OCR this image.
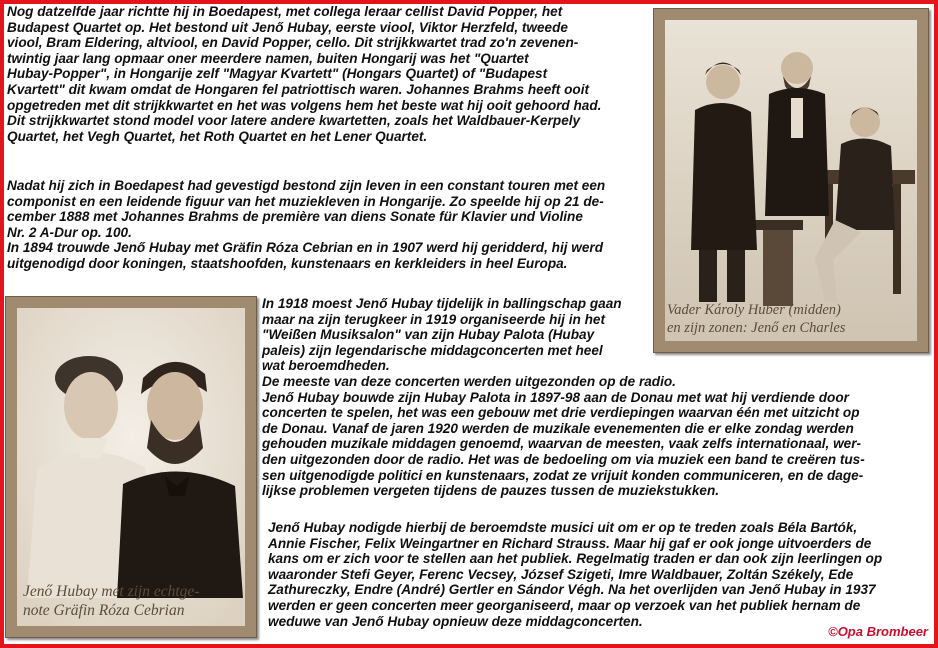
Nog datzelfde jaar richtte hij in Boedapest, met collega leraar cellist David Popper, het
Budapest Quartet op. Het bestond uit Jenő Hubay, eerste viool, Viktor Herzfeld, tweede
viool, Bram Eldering, altviool, en David Popper, cello. Dit strijkkwartet trad zo'n zevenen-
twintig jaar lang opmaar oner meerdere namen, buiten Hongarij was het "Quartet
Hubay-Popper", in Hongarije zelf "Magyar Kvartett" (Hongars Quartet) of "Budapest
Kvartett" dit kwam omdat de Hongaren fel patriottisch waren. Johannes Brahms heeft ooit
opgetreden met dit strijkkwartet en het was volgens hem het beste wat hij ooit gehoord had.
Dit strijkkwartet stond model voor latere andere kwartetten, zoals het Waldbauer-Kerpely
Quartet, het Vegh Quartet, het Roth Quartet en het Lener Quartet.

Nadat hij zich in Boedapest had gevestigd bestond zijn leven in een constant touren met een
componist en een leidende figuur van het muziekleven in Hongarije. Zo speelde hij op 21 de-
cember 1888 met Johannes Brahms de première van diens Sonate für Klavier und Violine
Nr. 2 A-Dur op. 100.
In 1894 trouwde Jenő Hubay met Gräfin Róza Cebrian en in 1907 werd hij geridderd, hij werd
uitgenodigd door koningen, staatshoofden, kunstenaars en kerkleiders in heel Europa.

In 1918 moest Jenő Hubay tijdelijk in ballingschap gaan
maar na zijn terugkeer in 1919 organiseerde hij in het
"Weißen Musiksalon" van zijn Hubay Palota (Hubay
paleis) zijn legendarische middagconcerten met heel
wat beroemdheden.

De meeste van deze concerten werden uitgezonden op de radio.
Jenő Hubay bouwde zijn Hubay Palota in 1897-98 aan de Donau met wat hij verdiende door
concerten te spelen, het was een gebouw met drie verdiepingen waarvan één met uitzicht op
de Donau. Vanaf de jaren 1920 werden de muzikale evenementen die er elke zondag werden
gehouden muzikale middagen genoemd, waarvan de meesten, vaak zelfs internationaal, wer-
den uitgezonden door de radio. Het was de bedoeling om via muziek een band te creëren tus-
sen uitgenodigde politici en kunstenaars, zodat ze vrijuit konden communiceren, en de dage-
lijkse problemen vergeten tijdens de pauzes tussen de muziekstukken.

Jenő Hubay nodigde hierbij de beroemdste musici uit om er op te treden zoals Béla Bartók,
Annie Fischer, Felix Weingartner en Richard Strauss. Maar hij gaf er ook jonge uitvoerders de
kans om er zich voor te stellen aan het publiek. Regelmatig traden er dan ook zijn leerlingen op
waaronder Stefi Geyer, Ferenc Vecsey, József Szigeti, Imre Waldbauer, Zoltán Székely, Ede
Zathureczky, Endre (André) Gertler en Sándor Végh. Na het overlijden van Jenő Hubay in 1937
werden er geen concerten meer georganiseerd, maar op verzoek van het publiek hernam de
weduwe van Jenő Hubay opnieuw deze middagconcerten.

Vader Károly Huber (midden)
en zijn zonen: Jenő en Charles

Jenő Hubay met zijn echtge-
note Gräfin Róza Cebrian

©Opa Brombeer
